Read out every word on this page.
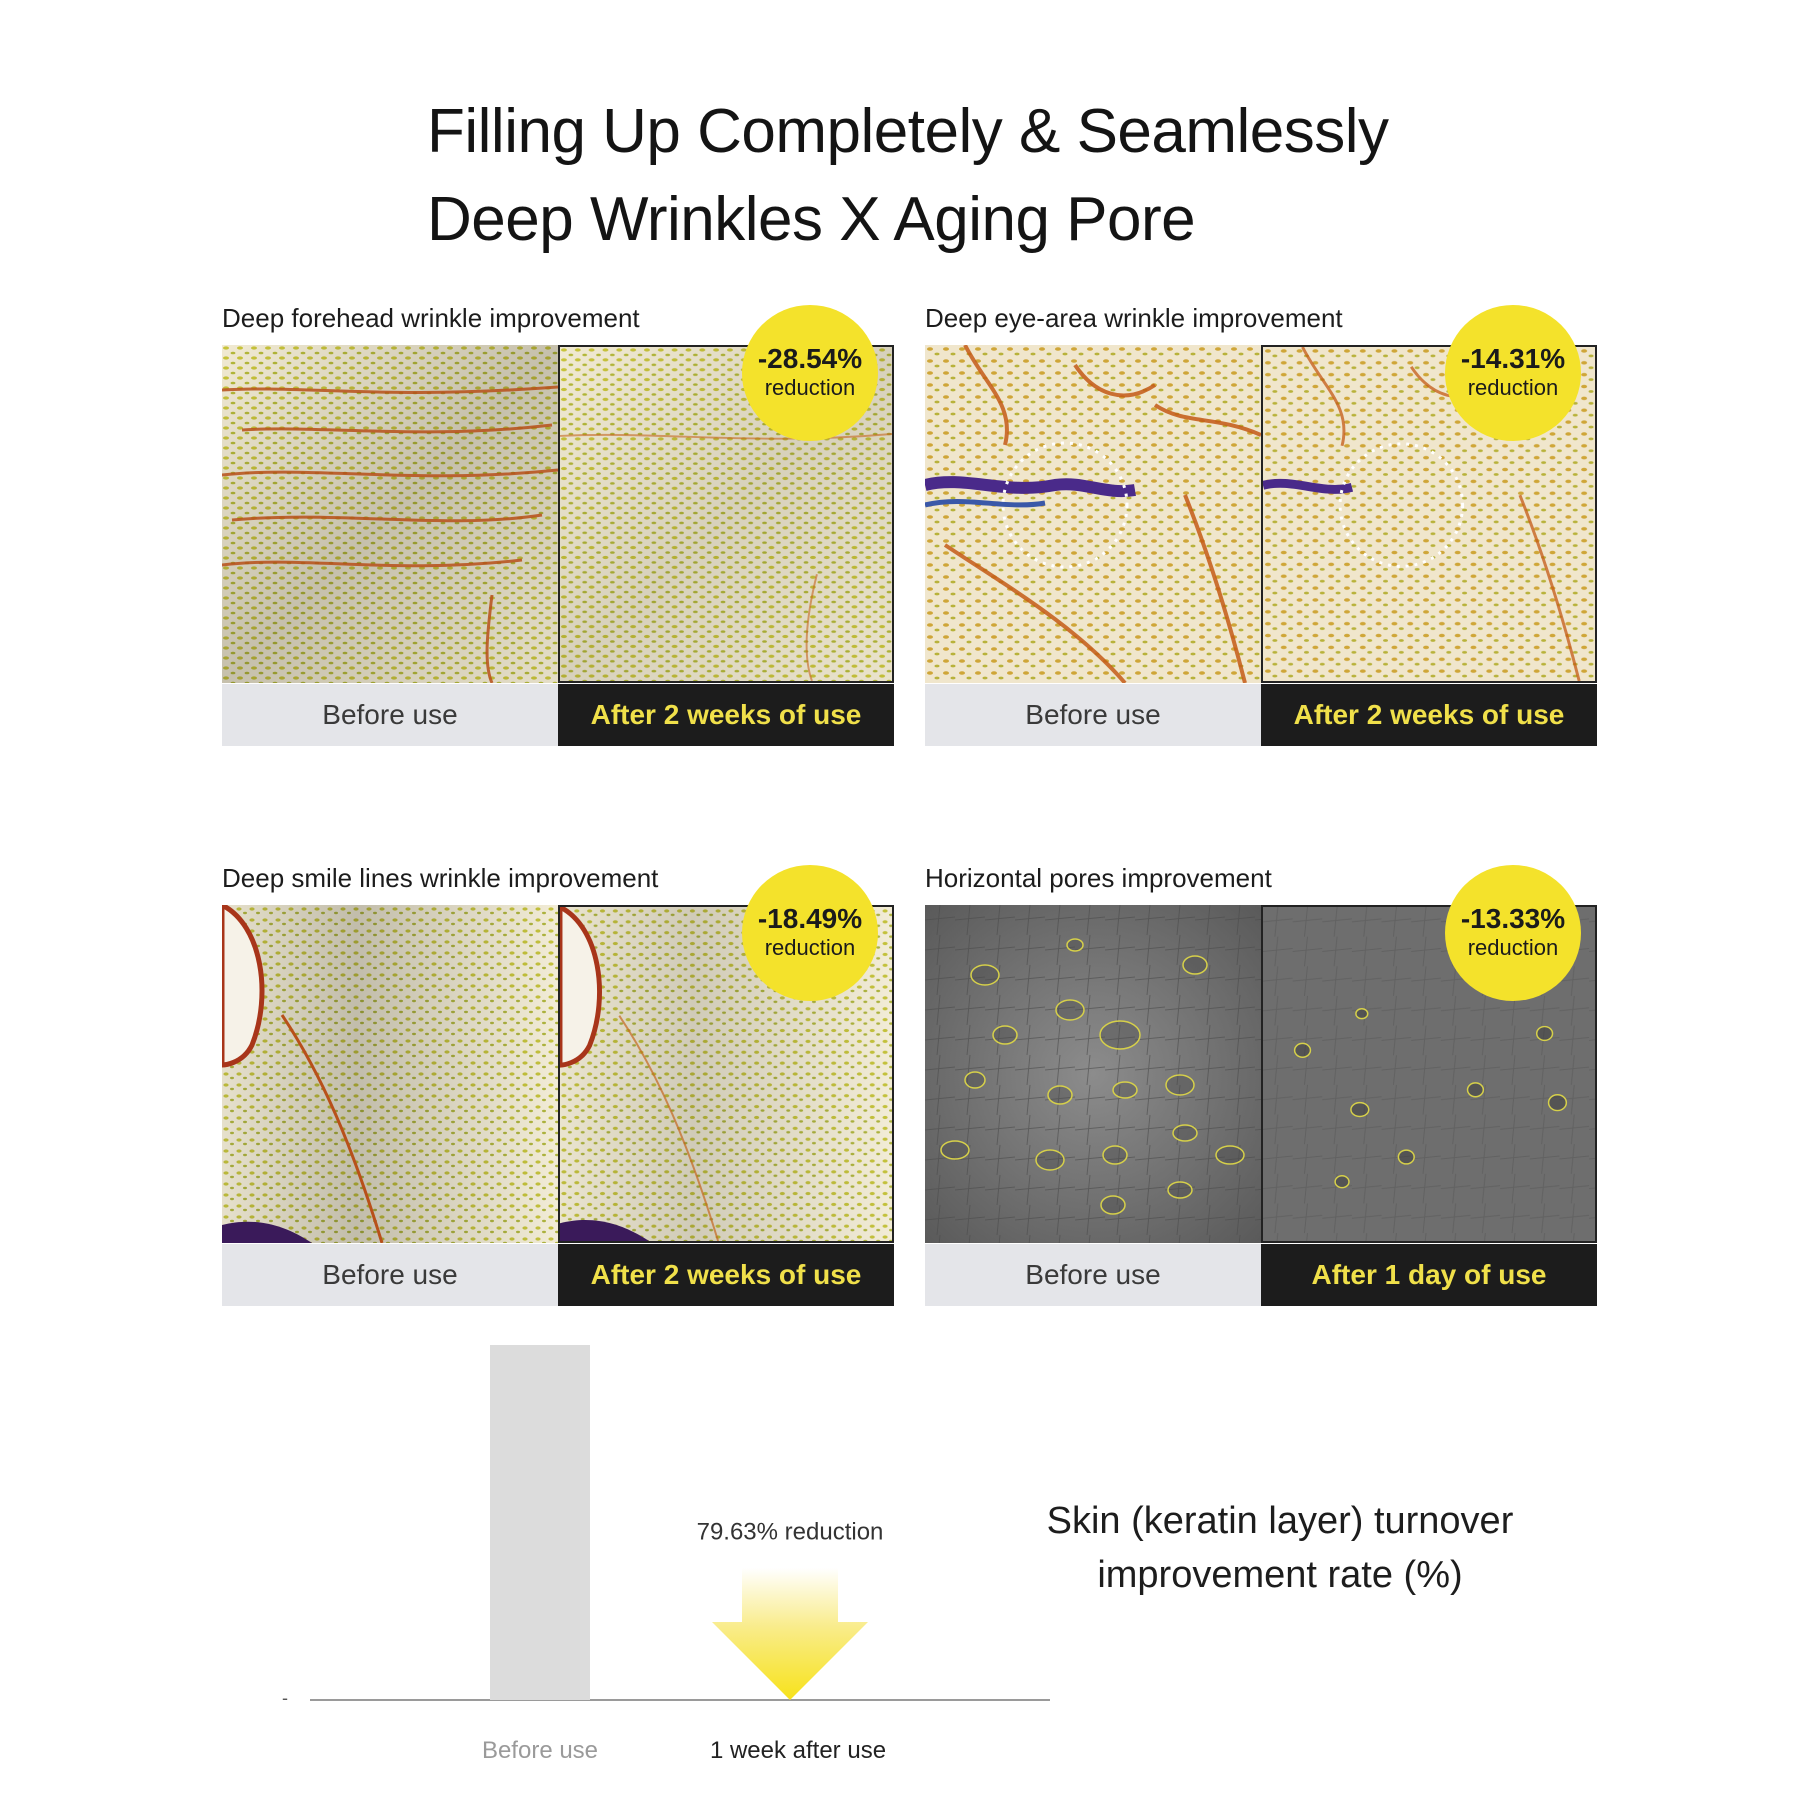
Filling Up Completely & Seamlessly
Deep Wrinkles X Aging Pore
Deep forehead wrinkle improvement
Before use	After 2 weeks of use
-28.54%
reduction
Deep eye-area wrinkle improvement
Before use	After 2 weeks of use
-14.31%
reduction
Deep smile lines wrinkle improvement
Before use	After 2 weeks of use
-18.49%
reduction
Horizontal pores improvement
Before use	After 1 day of use
-13.33%
reduction
-
79.63% reduction
Before use	1 week after use
Skin (keratin layer) turnover
improvement rate (%)
